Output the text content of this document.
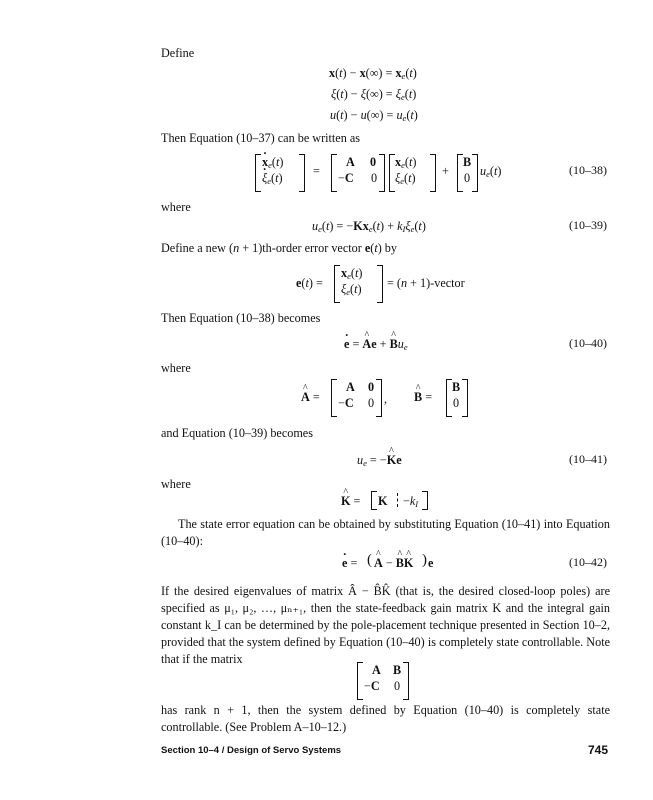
Define
$x(t) - x(\infty) = x_e(t)$
$\xi(t) - \xi(\infty) = \xi_e(t)$
$u(t) - u(\infty) = u_e(t)$
Then Equation (10–37) can be written as
· $x_e(t)$
· $\xi_e(t)$ =
A 0
−C 0
$x_e(t)$
$\xi_e(t)$ +
B
0 $u_e(t)$	(10–38)
where
$u_e(t) = -Kx_e(t) + k_I\xi_e(t)$	(10–39)
Define a new (n + 1)th-order error vector e(t) by
e(t) =
$x_e(t)$
$\xi_e(t) = (n$ + 1)-vector
Then Equation (10–38) becomes
· e = ^ Ae + ^ $Bu_e$	(10–40)
where
^ A =
A 0
−C 0 , ^ B =
B
0
and Equation (10–39) becomes
$u_e$ = −^ Ke	(10–41)
where
^ $K = K -k_I$
The state error equation can be obtained by substituting Equation (10–41) into Equation (10–40):
· e = ( ^ A − ^ B^ K ) e	(10–42)
If the desired eigenvalues of matrix Â − B̂K̂ (that is, the desired closed-loop poles) are specified as μ₁, μ₂, …, μₙ₊₁, then the state-feedback gain matrix K and the integral gain constant k_I can be determined by the pole-placement technique presented in Section 10–2, provided that the system defined by Equation (10–40) is completely state controllable. Note that if the matrix
A B
−C 0
has rank n + 1, then the system defined by Equation (10–40) is completely state controllable. (See Problem A–10–12.)
Section 10–4 / Design of Servo Systems	745
